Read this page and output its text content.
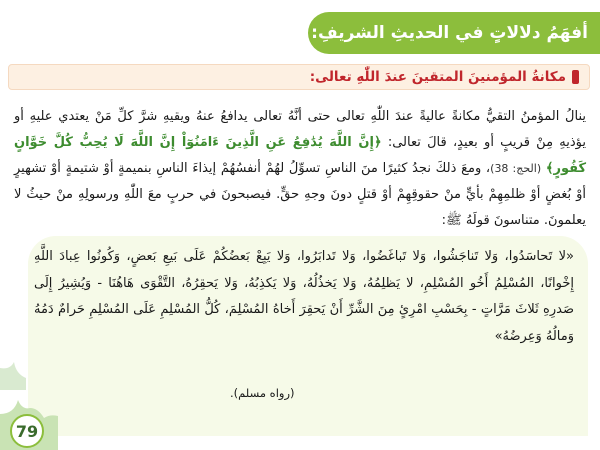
أفهَمُ دلالاتٍ في الحديثِ الشريفِ:
مكانةُ المؤمنينَ المتقينَ عندَ اللّٰهِ تعالى:
ينالُ المؤمنُ التقيُّ مكانةً عاليةً عندَ اللّٰهِ تعالى حتى أنَّهُ تعالى يدافعُ عنهُ ويقيهِ شرَّ كلِّ مَنْ يعتدي عليهِ أو يؤذيهِ مِنْ قريبٍ أو بعيدٍ، قالَ تعالى: ﴿إِنَّ اللَّهَ يُدَٰفِعُ عَنِ الَّذِينَ ءَامَنُوٓاْ إِنَّ اللَّهَ لَا يُحِبُّ كُلَّ خَوَّانٍ كَفُورٍ﴾ (الحج: 38)، ومعَ ذلكَ نجدُ كثيرًا منَ الناسِ تسوِّلُ لهُمْ أنفسُهُمْ إيذاءَ الناسِ بنميمةٍ أوْ شتيمةٍ أوْ تشهيرٍ أوْ بُغضٍ أوْ ظلمِهِمْ بأيٍّ منْ حقوقِهِمْ أوْ قتلٍ دونَ وجهِ حقٍّ. فيصبحونَ في حربٍ معَ اللّٰهِ ورسولِهِ منْ حيثُ لا يعلمونَ. متناسونَ قولَهُ ﷺ:
«لا تَحاسَدُوا، وَلا تَناجَشُوا، وَلا تَباغَضُوا، وَلا تَدابَرُوا، وَلا يَبِعْ بَعضُكُمْ عَلَى بَيعِ بَعضٍ، وَكُونُوا عِبادَ اللَّهِ إِخْوانًا، المُسْلِمُ أَخُو المُسْلِمِ، لا يَظلِمُهُ، وَلا يَخذُلُهُ، وَلا يَكذِبُهُ، وَلا يَحقِرُهُ، التَّقْوَى هَاهُنَا - وَيُشِيرُ إِلَى صَدرِهِ ثَلاثَ مَرَّاتٍ - بِحَسْبِ امْرِئٍ مِنَ الشَّرِّ أَنْ يَحقِرَ أَخاهُ المُسْلِمَ، كُلُّ المُسْلِمِ عَلَى المُسْلِمِ حَرامٌ دَمُهُ وَمالُهُ وَعِرضُهُ»
(رواه مسلم).
79
